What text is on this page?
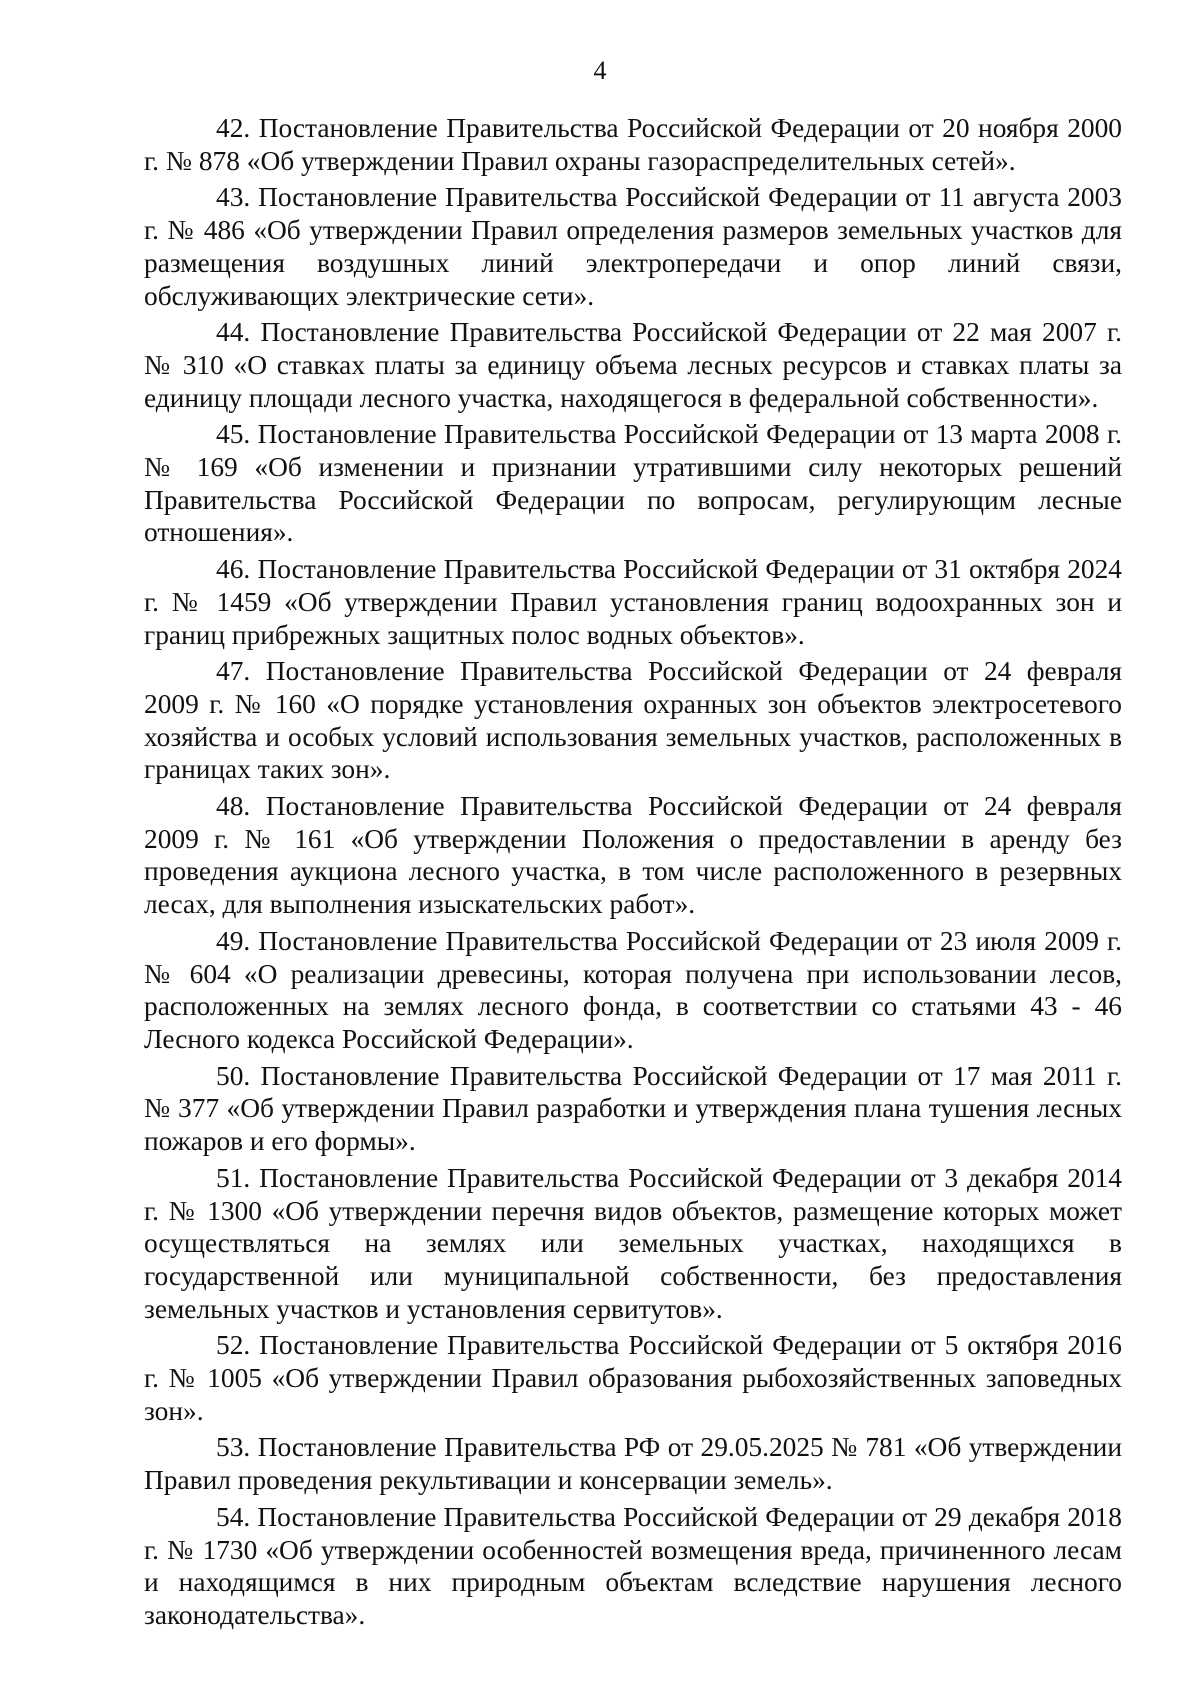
4

42. Постановление Правительства Российской Федерации от 20 ноября 2000 г. № 878 «Об утверждении Правил охраны газораспределительных сетей».

43. Постановление Правительства Российской Федерации от 11 августа 2003 г. № 486 «Об утверждении Правил определения размеров земельных участков для размещения воздушных линий электропередачи и опор линий связи, обслуживающих электрические сети».

44. Постановление Правительства Российской Федерации от 22 мая 2007 г. № 310 «О ставках платы за единицу объема лесных ресурсов и ставках платы за единицу площади лесного участка, находящегося в федеральной собственности».

45. Постановление Правительства Российской Федерации от 13 марта 2008 г. № 169 «Об изменении и признании утратившими силу некоторых решений Правительства Российской Федерации по вопросам, регулирующим лесные отношения».

46. Постановление Правительства Российской Федерации от 31 октября 2024 г. № 1459 «Об утверждении Правил установления границ водоохранных зон и границ прибрежных защитных полос водных объектов».

47. Постановление Правительства Российской Федерации от 24 февраля 2009 г. № 160 «О порядке установления охранных зон объектов электросетевого хозяйства и особых условий использования земельных участков, расположенных в границах таких зон».

48. Постановление Правительства Российской Федерации от 24 февраля 2009 г. № 161 «Об утверждении Положения о предоставлении в аренду без проведения аукциона лесного участка, в том числе расположенного в резервных лесах, для выполнения изыскательских работ».

49. Постановление Правительства Российской Федерации от 23 июля 2009 г. № 604 «О реализации древесины, которая получена при использовании лесов, расположенных на землях лесного фонда, в соответствии со статьями 43 - 46 Лесного кодекса Российской Федерации».

50. Постановление Правительства Российской Федерации от 17 мая 2011 г. № 377 «Об утверждении Правил разработки и утверждения плана тушения лесных пожаров и его формы».

51. Постановление Правительства Российской Федерации от 3 декабря 2014 г. № 1300 «Об утверждении перечня видов объектов, размещение которых может осуществляться на землях или земельных участках, находящихся в государственной или муниципальной собственности, без предоставления земельных участков и установления сервитутов».

52. Постановление Правительства Российской Федерации от 5 октября 2016 г. № 1005 «Об утверждении Правил образования рыбохозяйственных заповедных зон».

53. Постановление Правительства РФ от 29.05.2025 № 781 «Об утверждении Правил проведения рекультивации и консервации земель».

54. Постановление Правительства Российской Федерации от 29 декабря 2018 г. № 1730 «Об утверждении особенностей возмещения вреда, причиненного лесам и находящимся в них природным объектам вследствие нарушения лесного законодательства».
